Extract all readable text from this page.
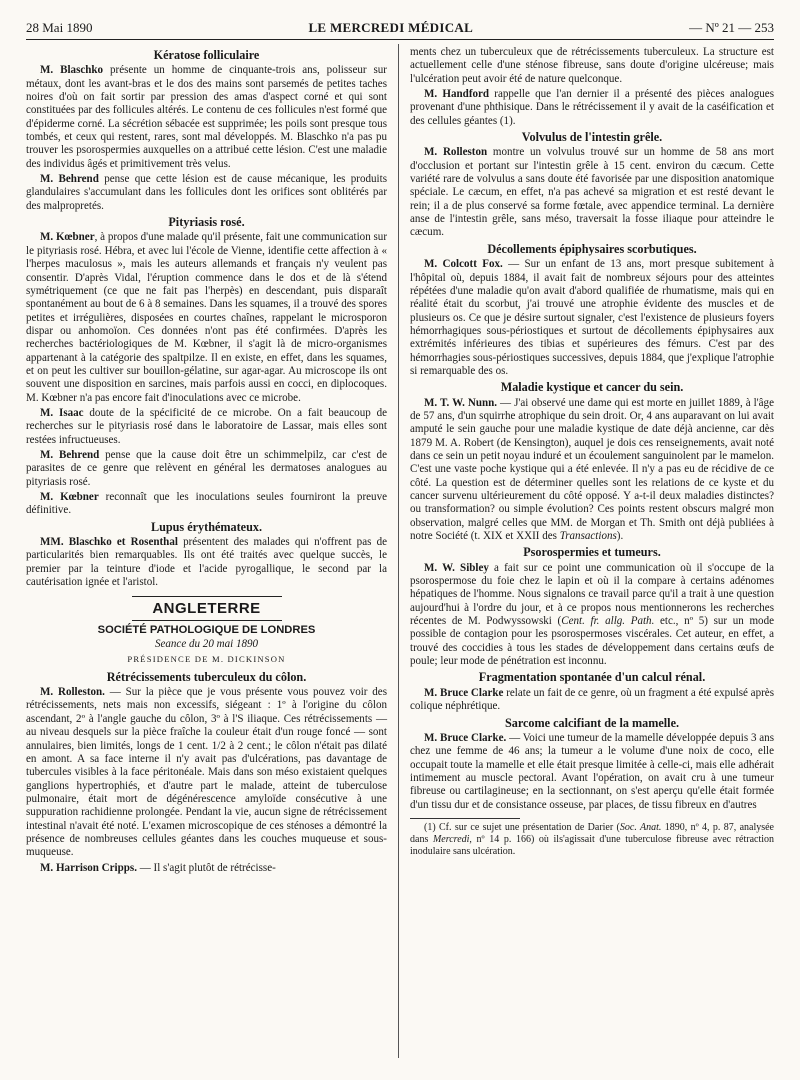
28 Mai 1890	LE MERCREDI MÉDICAL	— Nº 21 — 253
Kératose folliculaire

M. Blaschko présente un homme de cinquante-trois ans, polisseur sur métaux, dont les avant-bras et le dos des mains sont parsemés de petites taches noires d'où on fait sortir par pression des amas d'aspect corné et qui sont constituées par des follicules altérés. Le contenu de ces follicules n'est formé que d'épiderme corné. La sécrétion sébacée est supprimée; les poils sont presque tous tombés, et ceux qui restent, rares, sont mal développés. M. Blaschko n'a pas pu trouver les psorospermies auxquelles on a attribué cette lésion. C'est une maladie des individus âgés et primitivement très velus.

M. Behrend pense que cette lésion est de cause mécanique, les produits glandulaires s'accumulant dans les follicules dont les orifices sont oblitérés par des malpropretés.

Pityriasis rosé.

M. Kœbner, à propos d'une malade qu'il présente, fait une communication sur le pityriasis rosé. Hébra, et avec lui l'école de Vienne, identifie cette affection à « l'herpes maculosus », mais les auteurs allemands et français n'y veulent pas consentir. D'après Vidal, l'éruption commence dans le dos et de là s'étend symétriquement (ce que ne fait pas l'herpès) en descendant, puis disparaît spontanément au bout de 6 à 8 semaines. Dans les squames, il a trouvé des spores petites et irrégulières, disposées en courtes chaînes, rappelant le microsporon dispar ou anhomoïon. Ces données n'ont pas été confirmées. D'après les recherches bactériologiques de M. Kœbner, il s'agit là de micro-organismes appartenant à la catégorie des spaltpilze. Il en existe, en effet, dans les squames, et on peut les cultiver sur bouillon-gélatine, sur agar-agar. Au microscope ils ont souvent une disposition en sarcines, mais parfois aussi en cocci, en diplocoques. M. Kœbner n'a pas encore fait d'inoculations avec ce microbe.

M. Isaac doute de la spécificité de ce microbe. On a fait beaucoup de recherches sur le pityriasis rosé dans le laboratoire de Lassar, mais elles sont restées infructueuses.

M. Behrend pense que la cause doit être un schimmelpilz, car c'est de parasites de ce genre que relèvent en général les dermatoses analogues au pityriasis rosé.

M. Kœbner reconnaît que les inoculations seules fourniront la preuve définitive.

Lupus érythémateux.

MM. Blaschko et Rosenthal présentent des malades qui n'offrent pas de particularités bien remarquables. Ils ont été traités avec quelque succès, le premier par la teinture d'iode et l'acide pyrogallique, le second par la cautérisation ignée et l'aristol.

ANGLETERRE
SOCIÉTÉ PATHOLOGIQUE DE LONDRES
Seance du 20 mai 1890
PRÉSIDENCE DE M. DICKINSON
Rétrécissements tuberculeux du côlon.

M. Rolleston. — Sur la pièce que je vous présente vous pouvez voir des rétrécissements, nets mais non excessifs, siégeant : 1º à l'origine du côlon ascendant, 2º à l'angle gauche du côlon, 3º à l'S iliaque. Ces rétrécissements — au niveau desquels sur la pièce fraîche la couleur était d'un rouge foncé — sont annulaires, bien limités, longs de 1 cent. 1/2 à 2 cent.; le côlon n'était pas dilaté en amont. A sa face interne il n'y avait pas d'ulcérations, pas davantage de tubercules visibles à la face péritonéale. Mais dans son méso existaient quelques ganglions hypertrophiés, et d'autre part le malade, atteint de tuberculose pulmonaire, était mort de dégénérescence amyloïde consécutive à une suppuration rachidienne prolongée. Pendant la vie, aucun signe de rétrécissement intestinal n'avait été noté. L'examen microscopique de ces sténoses a démontré la présence de nombreuses cellules géantes dans les couches muqueuse et sous-muqueuse.

M. Harrison Cripps. — Il s'agit plutôt de rétrécisse-

ments chez un tuberculeux que de rétrécissements tuberculeux. La structure est actuellement celle d'une sténose fibreuse, sans doute d'origine ulcéreuse; mais l'ulcération peut avoir été de nature quelconque.

M. Handford rappelle que l'an dernier il a présenté des pièces analogues provenant d'une phthisique. Dans le rétrécissement il y avait de la caséification et des cellules géantes (1).

Volvulus de l'intestin grêle.

M. Rolleston montre un volvulus trouvé sur un homme de 58 ans mort d'occlusion et portant sur l'intestin grêle à 15 cent. environ du cæcum. Cette variété rare de volvulus a sans doute été favorisée par une disposition anatomique spéciale. Le cæcum, en effet, n'a pas achevé sa migration et est resté devant le rein; il a de plus conservé sa forme fœtale, avec appendice terminal. La dernière anse de l'intestin grêle, sans méso, traversait la fosse iliaque pour atteindre le cæcum.

Décollements épiphysaires scorbutiques.

M. Colcott Fox. — Sur un enfant de 13 ans, mort presque subitement à l'hôpital où, depuis 1884, il avait fait de nombreux séjours pour des atteintes répétées d'une maladie qu'on avait d'abord qualifiée de rhumatisme, mais qui en réalité était du scorbut, j'ai trouvé une atrophie évidente des muscles et de plusieurs os. Ce que je désire surtout signaler, c'est l'existence de plusieurs foyers hémorrhagiques sous-périostiques et surtout de décollements épiphysaires aux extrémités inférieures des tibias et supérieures des fémurs. C'est par des hémorrhagies sous-périostiques successives, depuis 1884, que j'explique l'atrophie si remarquable des os.

Maladie kystique et cancer du sein.

M. T. W. Nunn. — J'ai observé une dame qui est morte en juillet 1889, à l'âge de 57 ans, d'un squirrhe atrophique du sein droit. Or, 4 ans auparavant on lui avait amputé le sein gauche pour une maladie kystique de date déjà ancienne, car dès 1879 M. A. Robert (de Kensington), auquel je dois ces renseignements, avait noté dans ce sein un petit noyau induré et un écoulement sanguinolent par le mamelon. C'est une vaste poche kystique qui a été enlevée. Il n'y a pas eu de récidive de ce côté. La question est de déterminer quelles sont les relations de ce kyste et du cancer survenu ultérieurement du côté opposé. Y a-t-il deux maladies distinctes? ou transformation? ou simple évolution? Ces points restent obscurs malgré mon observation, malgré celles que MM. de Morgan et Th. Smith ont déjà publiées à notre Société (t. XIX et XXII des Transactions).

Psorospermies et tumeurs.

M. W. Sibley a fait sur ce point une communication où il s'occupe de la psorospermose du foie chez le lapin et où il la compare à certains adénomes hépatiques de l'homme. Nous signalons ce travail parce qu'il a trait à une question aujourd'hui à l'ordre du jour, et à ce propos nous mentionnerons les recherches récentes de M. Podwyssowski (Cent. fr. allg. Path. etc., nº 5) sur un mode possible de contagion pour les psorospermoses viscérales. Cet auteur, en effet, a trouvé des coccidies à tous les stades de développement dans certains œufs de poule; leur mode de pénétration est inconnu.

Fragmentation spontanée d'un calcul rénal.

M. Bruce Clarke relate un fait de ce genre, où un fragment a été expulsé après colique néphrétique.

Sarcome calcifiant de la mamelle.

M. Bruce Clarke. — Voici une tumeur de la mamelle développée depuis 3 ans chez une femme de 46 ans; la tumeur a le volume d'une noix de coco, elle occupait toute la mamelle et elle était presque limitée à celle-ci, mais elle adhérait intimement au muscle pectoral. Avant l'opération, on avait cru à une tumeur fibreuse ou cartilagineuse; en la sectionnant, on s'est aperçu qu'elle était formée d'un tissu dur et de consistance osseuse, par places, de tissu fibreux en d'autres

(1) Cf. sur ce sujet une présentation de Darier (Soc. Anat. 1890, nº 4, p. 87, analysée dans Mercredi, nº 14 p. 166) où ils'agissait d'une tuberculose fibreuse avec rétraction inodulaire sans ulcération.
